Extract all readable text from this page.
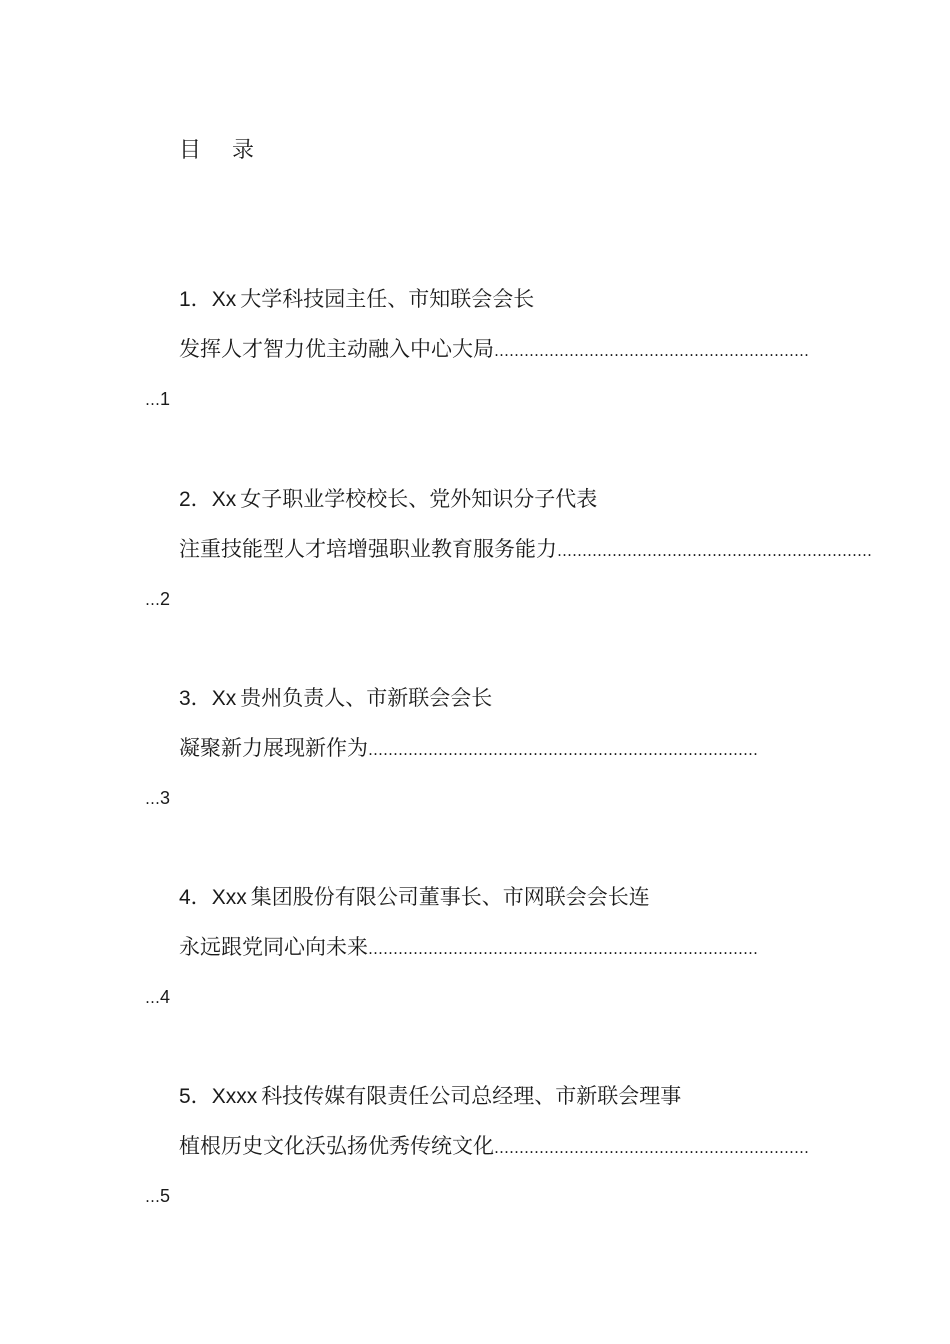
目 录
1．Xx 大学科技园主任、市知联会会长
发挥人才智力优主动融入中心大局………………………………………………………
…1
2．Xx 女子职业学校校长、党外知识分子代表
注重技能型人才培增强职业教育服务能力………………………………………………………
…2
3．Xx 贵州负责人、市新联会会长
凝聚新力展现新作为……………………………………………………………………
…3
4．Xxx 集团股份有限公司董事长、市网联会会长连
永远跟党同心向未来……………………………………………………………………
…4
5．Xxxx 科技传媒有限责任公司总经理、市新联会理事
植根历史文化沃弘扬优秀传统文化………………………………………………………
…5
